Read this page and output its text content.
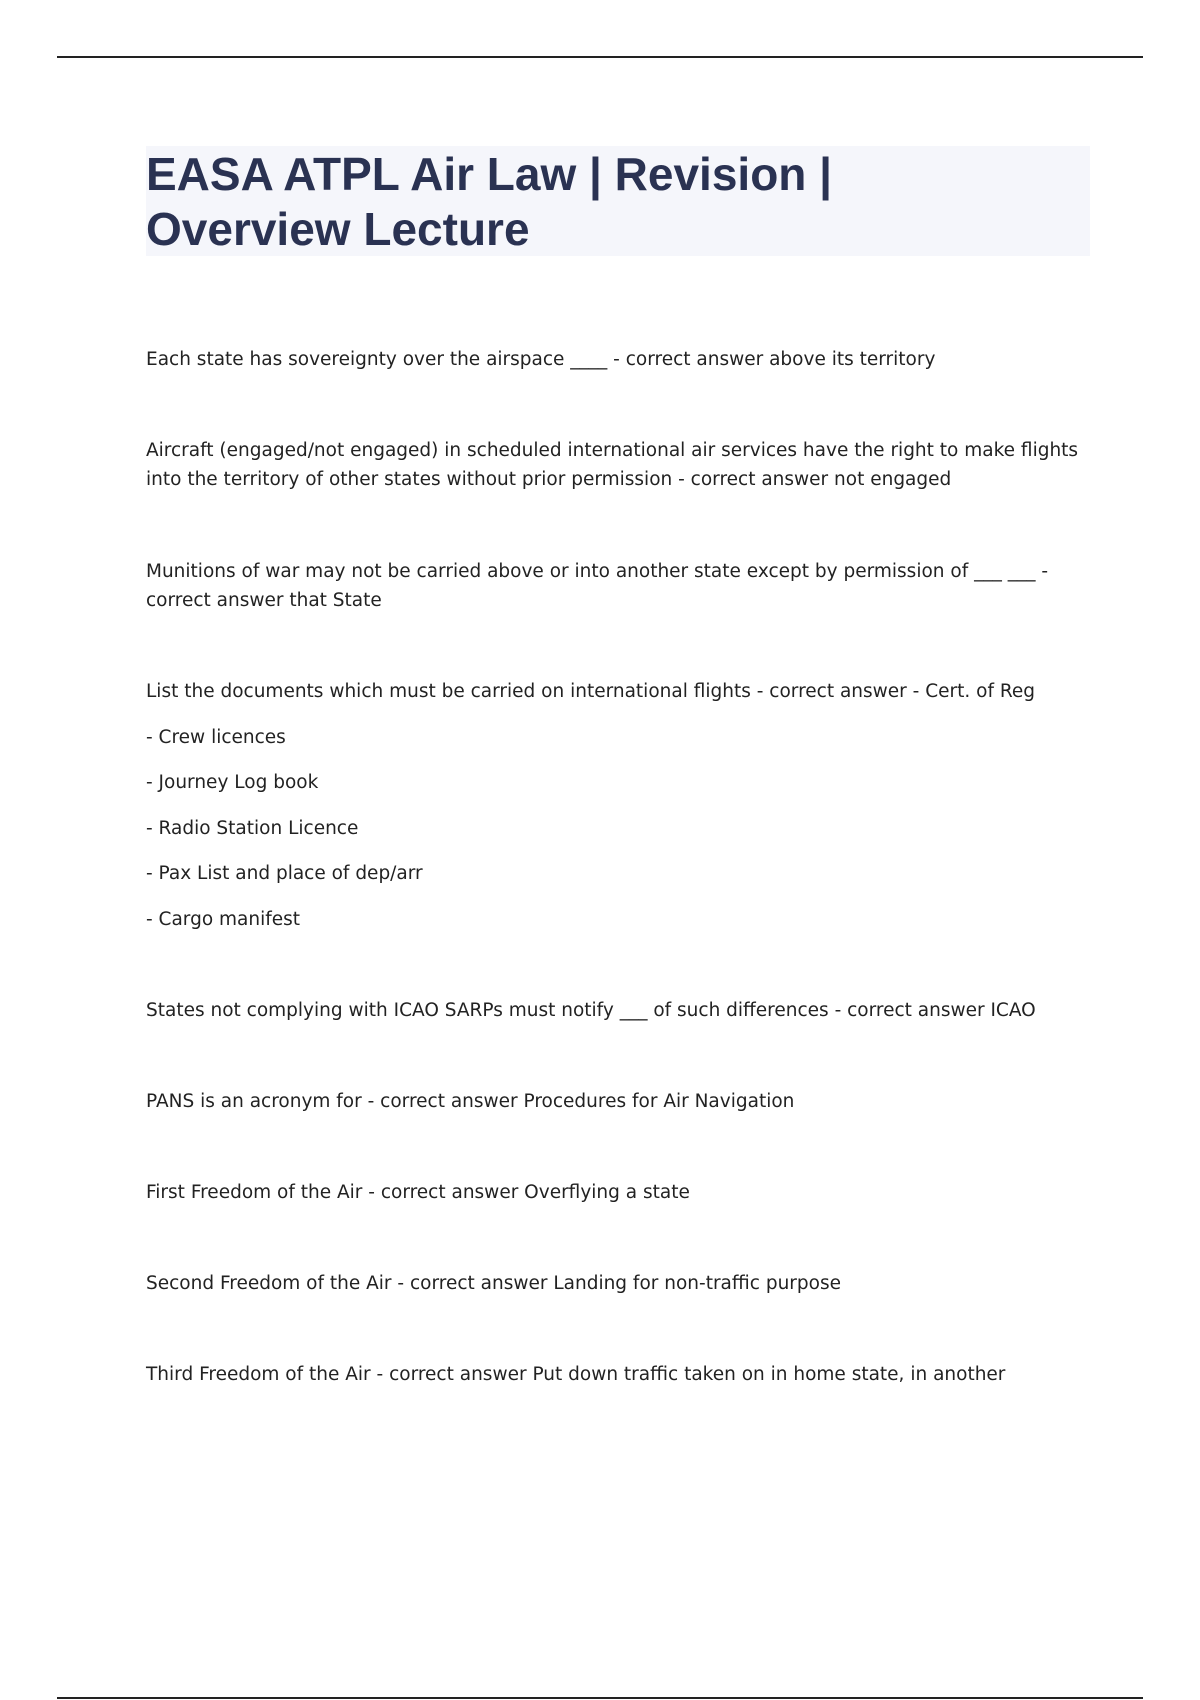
EASA ATPL Air Law | Revision |
Overview Lecture

Each state has sovereignty over the airspace ____ - correct answer above its territory

Aircraft (engaged/not engaged) in scheduled international air services have the right to make flights into the territory of other states without prior permission - correct answer not engaged

Munitions of war may not be carried above or into another state except by permission of ___ ___ - correct answer that State

List the documents which must be carried on international flights - correct answer - Cert. of Reg

- Crew licences

- Journey Log book

- Radio Station Licence

- Pax List and place of dep/arr

- Cargo manifest

States not complying with ICAO SARPs must notify ___ of such differences - correct answer ICAO

PANS is an acronym for - correct answer Procedures for Air Navigation

First Freedom of the Air - correct answer Overflying a state

Second Freedom of the Air - correct answer Landing for non-traffic purpose

Third Freedom of the Air - correct answer Put down traffic taken on in home state, in another
